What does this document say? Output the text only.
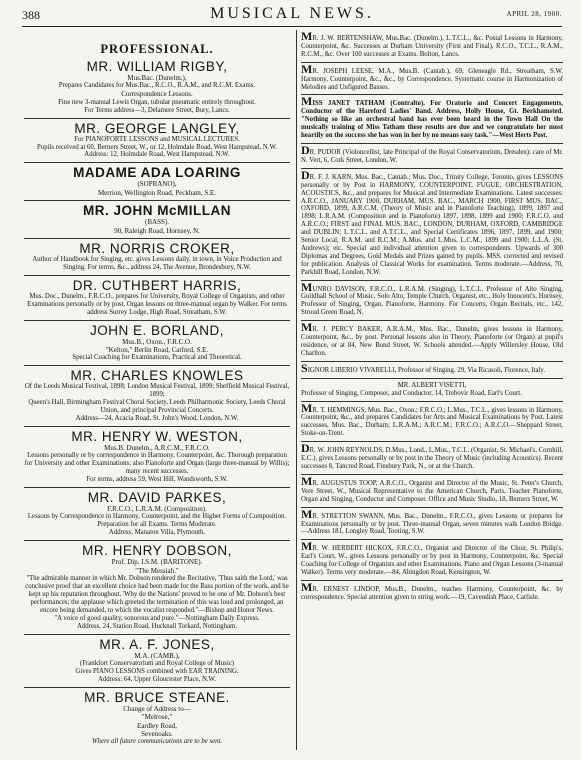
388	MUSICAL NEWS.	APRIL 28, 1900.
PROFESSIONAL.
MR. WILLIAM RIGBY,
Mus.Bac. (Dunelm.),
Prepares Candidates for Mus.Bac., R.C.O., R.A.M., and R.C.M. Exams.
Correspondence Lessons.
Fine new 3-manual Lewis Organ, tubular pneumatic entirely throughout.
For Terms address—3, Delamere Street, Bury, Lancs.
MR. GEORGE LANGLEY,
For PIANOFORTE LESSONS and MUSICAL LECTURES.
Pupils received at 60, Berners Street, W., or 12, Holmdale Road, West Hampstead, N.W.
Address: 12, Holmdale Road, West Hampstead, N.W.
MADAME ADA LOARING
(SOPRANO),
Merrion, Wellington Road, Peckham, S.E.
MR. JOHN McMILLAN
(BASS).
90, Raleigh Road, Hornsey, N.
MR. NORRIS CROKER,
Author of Handbook for Singing, etc. gives Lessons daily, in town, in Voice Production and Singing. For terms, &c., address 24, The Avenue, Brondesbury, N.W.
DR. CUTHBERT HARRIS,
Mus. Doc., Dunelm., F.R.C.O., prepares for University, Royal College of Organists, and other Examinations personally or by post. Organ lessons on three-manual organ by Walker. For terms address Surrey Lodge, High Road, Streatham, S.W.
JOHN E. BORLAND,
Mus.B., Oxon., F.R.C.O.
"Kelton," Berlin Road, Catford, S.E.
Special Coaching for Examinations, Practical and Theoretical.
MR. CHARLES KNOWLES
Of the Leeds Musical Festival, 1898; London Musical Festival, 1899; Sheffield Musical Festival, 1899;
Queen's Hall, Birmingham Festival Choral Society, Leeds Philharmonic Society, Leeds Choral Union, and principal Provincial Concerts.
Address—24, Acacia Road, St. John's Wood, London, N.W.
MR. HENRY W. WESTON,
Mus.B. Dunelm., A.R.C.M., F.R.C.O.
Lessons personally or by correspondence in Harmony, Counterpoint, &c. Thorough preparation for University and other Examinations; also Pianoforte and Organ (large three-manual by Willis); many recent successes.
For terms, address 59, West Hill, Wandsworth, S.W.
MR. DAVID PARKES,
F.R.C.O., L.R.A.M. (Composition).
Lessons by Correspondence in Harmony, Counterpoint, and the Higher Forms of Composition. Preparation for all Exams. Terms Moderate.
Address, Manaton Villa, Plymouth.
MR. HENRY DOBSON,
Prof. Dip. I.S.M. (BARITONE).
"The Messiah."
"The admirable manner in which Mr. Dobson rendered the Recitative, 'Thus saith the Lord,' was conclusive proof that an excellent choice had been made for the Bass portion of the work, and he kept up his reputation throughout. 'Why do the Nations' proved to be one of Mr. Dobson's best performances; the applause which greeted the termination of this was loud and prolonged, an encore being demanded, to which the vocalist responded."—Bishop and Honor News.
"A voice of good quality, sonorous and pure."—Nottingham Daily Express.
Address, 24, Station Road, Hucknall Torkard, Nottingham.
MR. A. F. JONES,
M.A. (CAMB.),
(Frankfort Conservatorium and Royal College of Music)
Gives PIANO LESSONS combined with EAR TRAINING.
Address: 64, Upper Gloucester Place, N.W.
MR. BRUCE STEANE.
Change of Address to—
"Melrose,"
Eardley Road,
Sevenoaks.
Where all future communications are to be sent.
MR. J. W. BERTENSHAW, Mus.Bac. (Dunelm.), L.T.C.L., &c. Postal Lessons in Harmony, Counterpoint, &c. Successes at Durham University (First and Final), R.C.O., T.C.L., R.A.M., R.C.M., &c. Over 100 successes at Exams. Bolton, Lancs.
MR. JOSEPH LEESE, M.A., Mus.B. (Cantab.), 69, Gleneagle Rd., Streatham, S.W. Harmony, Counterpoint, &c., &c., by Correspondence. Systematic course in Harmonization of Melodies and Unfigured Basses.
MISS JANET TATHAM (Contralto). For Oratorio and Concert Engagements, Conductor of the Hareford Ladies' Band. Address, Holly House, Gt. Berkhamsted. "Nothing so like an orchestral band has ever been heard in the Town Hall On the musically training of Miss Tatham these results are due and we congratulate her most heartily on the success she has won in her by no means easy task."—West Herts Post.
DR. PUDOR (Violoncellist, late Principal of the Royal Conservatorium, Dresden): care of Mr. N. Vert, 6, Cork Street, London, W.
DR. F. J. KARN, Mus. Bac., Cantab.; Mus. Doc., Trinity College, Toronto, gives LESSONS personally or by Post in HARMONY, COUNTERPOINT, FUGUE, ORCHESTRATION, ACOUSTICS, &c., and prepares for Musical and Intermediate Examinations. Latest successes: A.R.C.O., JANUARY 1900, DURHAM, MUS. BAC., MARCH 1900, FIRST MUS. BAC., OXFORD, 1899, A.R.C.M. (Theory of Music and in Pianoforte Teaching), 1899, 1897 and 1898; L.R.A.M. (Composition and in Pianoforte) 1897, 1898, 1899 and 1900; F.R.C.O. and A.R.C.O.; FIRST and FINAL MUS. BAC., LONDON, DURHAM, OXFORD, CAMBRIDGE and DUBLIN; L.T.C.L. and A.T.C.L., and Special Certificates 1896, 1897, 1899, and 1900; Senior Local, R.A.M. and R.C.M.; A.Mus. and L.Mus. L.C.M., 1899 and 1900; L.L.A. (St. Andrews); etc. Special and individual attention given to correspondents. Upwards of 300 Diplomas and Degrees, Gold Medals and Prizes gained by pupils. MSS. corrected and revised for publication. Analysis of Classical Works for examination. Terms moderate.—Address, 70, Parkhill Road, London, N.W.
MUNRO DAVISON, F.R.C.O., L.R.A.M. (Singing), L.T.C.L. Professor of Alto Singing, Guildhall School of Music, Solo Alto, Temple Church. Organist, etc., Holy Innocent's, Hornsey, Professor of Singing, Organ, Pianoforte, Harmony. For Concerts, Organ Recitals, etc., 142, Stroud Green Road, N.
MR. J. PERCY BAKER, A.R.A.M., Mus. Bac., Dunelm, gives lessons in Harmony, Counterpoint, &c., by post. Personal lessons also in Theory, Pianoforte (or Organ) at pupil's residence, or at 84, New Bond Street, W. Schools attended.—Apply Willersley House, Old Charlton.
SIGNOR LIBERIO VIVARELLI, Professor of Singing, 29, Via Ricasoli, Florence, Italy.
MR. ALBERT VISETTI,
Professor of Singing, Composer, and Conductor, 14, Trebovir Road, Earl's Court.
MR. T. HEMMINGS, Mus. Bac., Oxon.; F.R.C.O.; L.Mus., T.C.L., gives lessons in Harmony, Counterpoint, &c., and prepares Candidates for Arts and Musical Examinations by Post. Latest successes, Mus. Bac., Durham; L.R.A.M.; A.R.C.M.; F.R.C.O.; A.R.C.O.—Sheppard Street, Stoke-on-Trent.
DR. W. JOHN REYNOLDS, D.Mus., Lond., L.Mus., T.C.L. (Organist, St. Michael's, Cornhill, E.C.), gives Lessons personally or by post in the Theory of Music (including Acoustics). Recent successes 8, Tancred Road, Finsbury Park, N., or at the Church.
MR. AUGUSTUS TOOP, A.R.C.O., Organist and Director of the Music, St. Peter's Church, Vere Street, W., Musical Representative to the American Church, Paris, Teacher Pianoforte, Organ and Singing, Conductor and Composer. Office and Music Studio, 18, Berners Street, W.
MR. STRETTON SWANN, Mus. Bac., Dunelm., F.R.C.O., gives Lessons or prepares for Examinations personally or by post. Three-manual Organ, seven minutes walk London Bridge.—Address 181, Longley Road, Tooting, S.W.
MR. W. HERBERT HICKOX, F.R.C.O., Organist and Director of the Choir, St. Philip's, Earl's Court, W., gives Lessons personally or by post in Harmony, Counterpoint, &c. Special Coaching for College of Organists and other Examinations. Piano and Organ Lessons (3-manual Walker). Terms very moderate.—84, Abingdon Road, Kensington, W.
MR. ERNEST LINDOP, Mus.B., Dunelm., teaches Harmony, Counterpoint, &c. by correspondence. Special attention given to string work.—19, Cavendish Place, Carlisle.
